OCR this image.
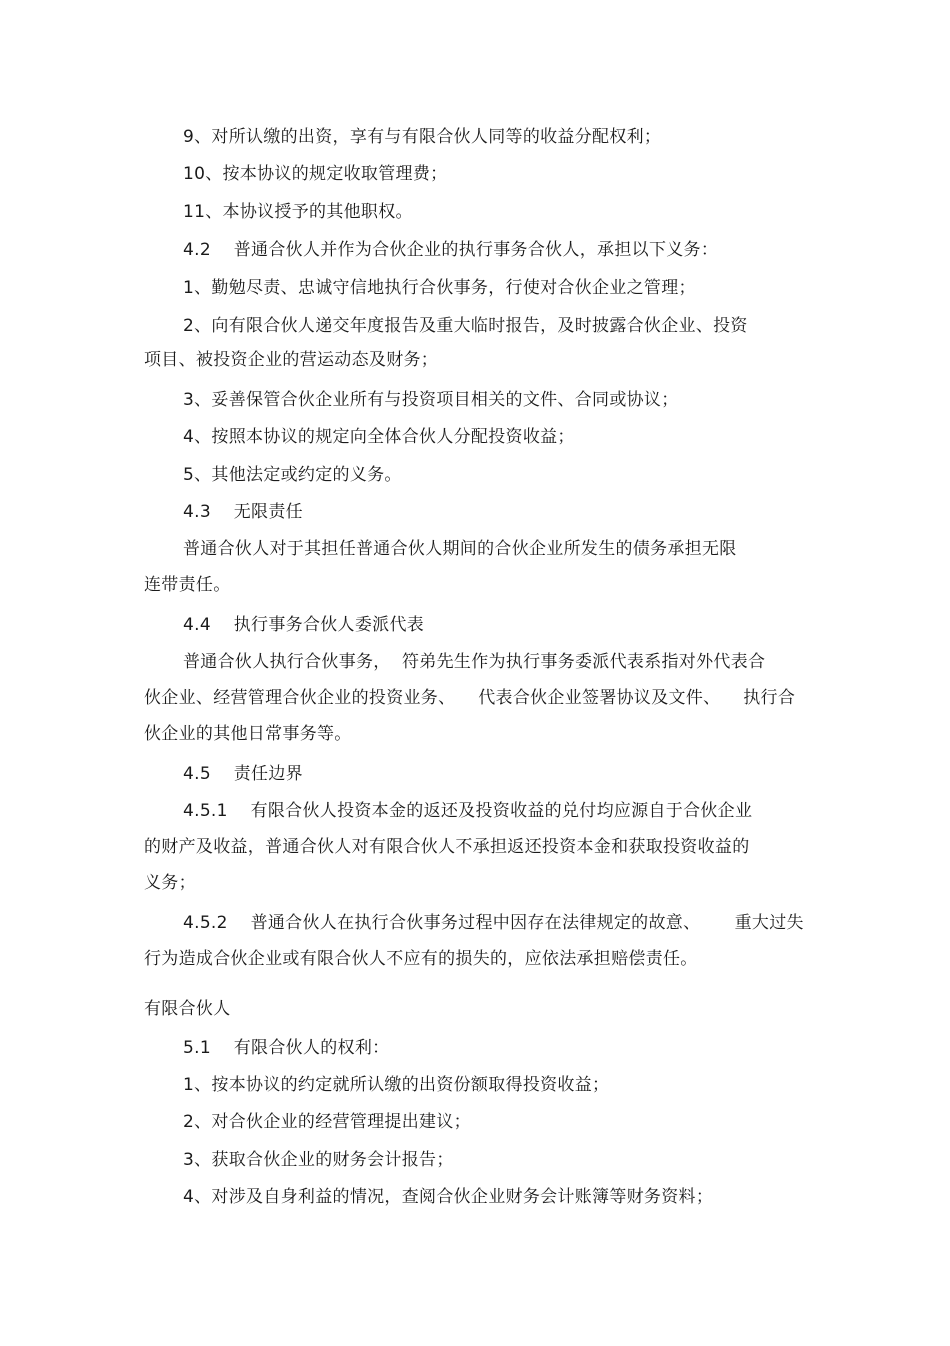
9、对所认缴的出资，享有与有限合伙人同等的收益分配权利；
10、按本协议的规定收取管理费；
11、本协议授予的其他职权。
4.2    普通合伙人并作为合伙企业的执行事务合伙人，承担以下义务：
1、勤勉尽责、忠诚守信地执行合伙事务，行使对合伙企业之管理；
2、向有限合伙人递交年度报告及重大临时报告，及时披露合伙企业、投资
项目、被投资企业的营运动态及财务；
3、妥善保管合伙企业所有与投资项目相关的文件、合同或协议；
4、按照本协议的规定向全体合伙人分配投资收益；
5、其他法定或约定的义务。
4.3    无限责任
普通合伙人对于其担任普通合伙人期间的合伙企业所发生的债务承担无限
连带责任。
4.4    执行事务合伙人委派代表
普通合伙人执行合伙事务，  符弟先生作为执行事务委派代表系指对外代表合
伙企业、经营管理合伙企业的投资业务、    代表合伙企业签署协议及文件、    执行合
伙企业的其他日常事务等。
4.5    责任边界
4.5.1    有限合伙人投资本金的返还及投资收益的兑付均应源自于合伙企业
的财产及收益，普通合伙人对有限合伙人不承担返还投资本金和获取投资收益的
义务；
4.5.2    普通合伙人在执行合伙事务过程中因存在法律规定的故意、      重大过失
行为造成合伙企业或有限合伙人不应有的损失的，应依法承担赔偿责任。
有限合伙人
5.1    有限合伙人的权利：
1、按本协议的约定就所认缴的出资份额取得投资收益；
2、对合伙企业的经营管理提出建议；
3、获取合伙企业的财务会计报告；
4、对涉及自身利益的情况，查阅合伙企业财务会计账簿等财务资料；
